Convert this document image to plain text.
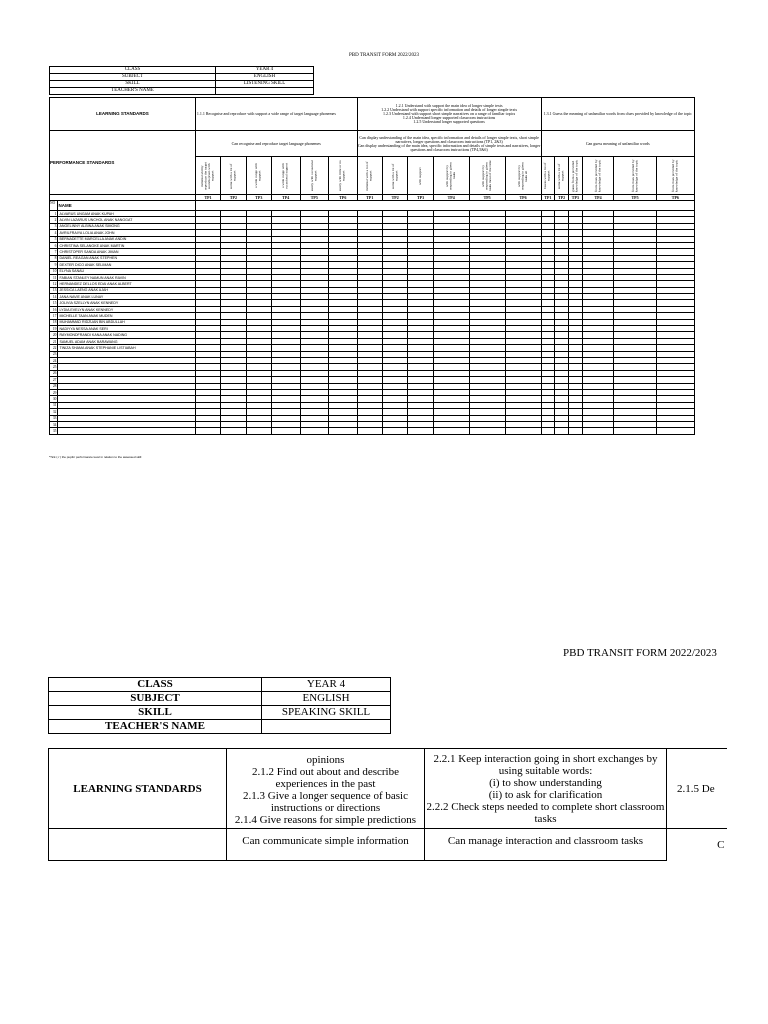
PBD TRANSIT FORM 2022/2023
CLASS	YEAR 4
SUBJECT	ENGLISH
SKILL	LISTENING SKILL
TEACHER'S NAME	
LEARNING STANDARDS		1.1.1 Recognise and reproduce with support a wide range of target language phonemes						1.2.1 Understand with support the main idea of longer simple texts
1.2.2 Understand with support specific information and details of longer simple texts
1.2.3 Understand with support short simple narratives on a range of familiar topics
1.2.4 Understand longer supported classroom instructions
1.2.5 Understand longer supported questions						1.3.1 Guess the meaning of unfamiliar words from clues provided by knowledge of the topic					
PERFORMANCE STANDARDS		Can recognise and reproduce target language phonemes						Can display understanding of the main idea, specific information and details of longer simple texts, short simple narratives, longer questions and classroom instructions (TP1, 2&3)
Can display understanding of the main idea, specific information and details of simple texts and narratives, longer questions and classroom instructions (TP4,5&6)						Can guess meaning of unfamiliar words					

		minimal ability reproduce the target sounds (even with support	some with a lot of support	a wide range with support	a wide range with occasional support	easily with occasional support	easily with little or no support	minimal with a lot of support	some with a lot of support	with support	with support by responding to given tasks	with support by responding to given tasks most of the time	with support by responding to given tasks all	Guess with a lot of support	some with a lot of support	guess from a provided knowledge of the topic	from clues provided by knowledge of the topic	from clues provided by knowledge of the topic	from clues provided by knowledge of the topic

		TP1	TP2	TP3	TP4	TP5	TP6	TP1	TP2	TP3	TP4	TP5	TP6	TP1	TP2	TP3	TP4	TP5	TP6
NO	NAME																		
1	ALVARUS UNGAM ANAK KUPAH																		
2	ALVIN LAZARUS UNCHOL ANAK NANGGAT																		
3	ANGELINNY ALBINA ANAK SIMONG																		
4	AVRILFRAIYA LOLIA ANAK JOHN																		
5	BERNADETTE MARCELLA ANAK ANDIN																		
6	CHRISTINA SELANGKE ANAK MARTIN																		
7	CHRISTOPER SANDA ANAK JIMAN																		
8	DANIEL REAGAN ANAK STEPHEN																		
9	DEXTER DICO ANAK SELIMAN																		
10	ELYNA SANAU																		
11	FABIAN STANLEY NAMUN ANAK RAVIN																		
12	HERNANDEZ DELLOS EDAI ANAK ALBERT																		
13	JESSICA LAENG ANAK AJAH																		
14	JANA NAVIE ANAK LUNAY																		
15	JOLIVIA SZELLYN ANAK KENNEDY																		
16	LYDIA EVELYN ANAK KENNEDY																		
17	MICHELLE TAAN ANAK MUDEN																		
18	MUHAMMAD RIDZUAN BIN ABDULLAH																		
19	NADIYYA NESSA ANAK SERI																		
20	RAYMONDFRANDI KANA ANAK NADING																		
21	SAMUEL ADAM ANAK BARAWANG																		
22	TINIZA SHAMA ANAK STEPHANIE LISTIABAH																		
23																			
24																			
25																			
26																			
27																			
28																			
29																			
30																			
31																			
32																			
33																			
34																			
35																			
*Tick (✓) the pupils' performance level in relation to the assessed skill
PBD TRANSIT FORM 2022/2023
CLASS	YEAR 4
SUBJECT	ENGLISH
SKILL	SPEAKING SKILL
TEACHER'S NAME	
LEARNING STANDARDS	opinions
2.1.2 Find out about and describe experiences in the past
2.1.3 Give a longer sequence of basic instructions or directions
2.1.4 Give reasons for simple predictions	2.2.1 Keep interaction going in short exchanges by using suitable words:
(i) to show understanding
(ii) to ask for clarification
2.2.2 Check steps needed to complete short classroom tasks	2.1.5 De
	Can communicate simple information	Can manage interaction and classroom tasks	C
